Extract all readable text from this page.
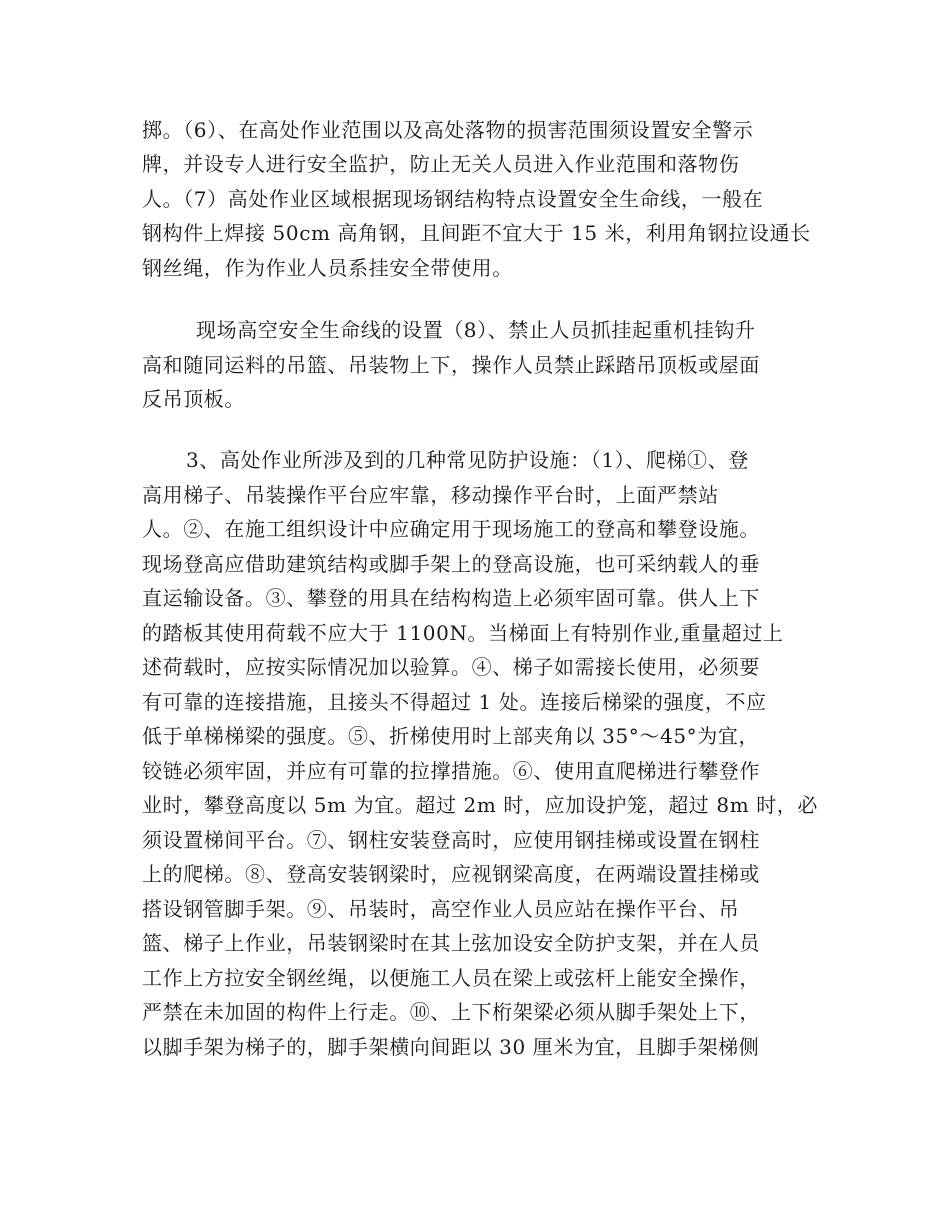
掷。（6）、在高处作业范围以及高处落物的损害范围须设置安全警示
牌，并设专人进行安全监护，防止无关人员进入作业范围和落物伤
人。（7）高处作业区域根据现场钢结构特点设置安全生命线，一般在
钢构件上焊接 50cm 高角钢，且间距不宜大于 15 米，利用角钢拉设通长
钢丝绳，作为作业人员系挂安全带使用。
现场高空安全生命线的设置（8）、禁止人员抓挂起重机挂钩升
高和随同运料的吊篮、吊装物上下，操作人员禁止踩踏吊顶板或屋面
反吊顶板。
3、高处作业所涉及到的几种常见防护设施：（1）、爬梯①、登
高用梯子、吊装操作平台应牢靠，移动操作平台时，上面严禁站
人。②、在施工组织设计中应确定用于现场施工的登高和攀登设施。
现场登高应借助建筑结构或脚手架上的登高设施，也可采纳载人的垂
直运输设备。③、攀登的用具在结构构造上必须牢固可靠。供人上下
的踏板其使用荷载不应大于 1100N。当梯面上有特别作业,重量超过上
述荷载时，应按实际情况加以验算。④、梯子如需接长使用，必须要
有可靠的连接措施，且接头不得超过 1 处。连接后梯梁的强度，不应
低于单梯梯梁的强度。⑤、折梯使用时上部夹角以 35°～45°为宜，
铰链必须牢固，并应有可靠的拉撑措施。⑥、使用直爬梯进行攀登作
业时，攀登高度以 5m 为宜。超过 2m 时，应加设护笼，超过 8m 时，必
须设置梯间平台。⑦、钢柱安装登高时，应使用钢挂梯或设置在钢柱
上的爬梯。⑧、登高安装钢梁时，应视钢梁高度，在两端设置挂梯或
搭设钢管脚手架。⑨、吊装时，高空作业人员应站在操作平台、吊
篮、梯子上作业，吊装钢梁时在其上弦加设安全防护支架，并在人员
工作上方拉安全钢丝绳，以便施工人员在梁上或弦杆上能安全操作，
严禁在未加固的构件上行走。⑩、上下桁架梁必须从脚手架处上下，
以脚手架为梯子的，脚手架横向间距以 30 厘米为宜，且脚手架梯侧
